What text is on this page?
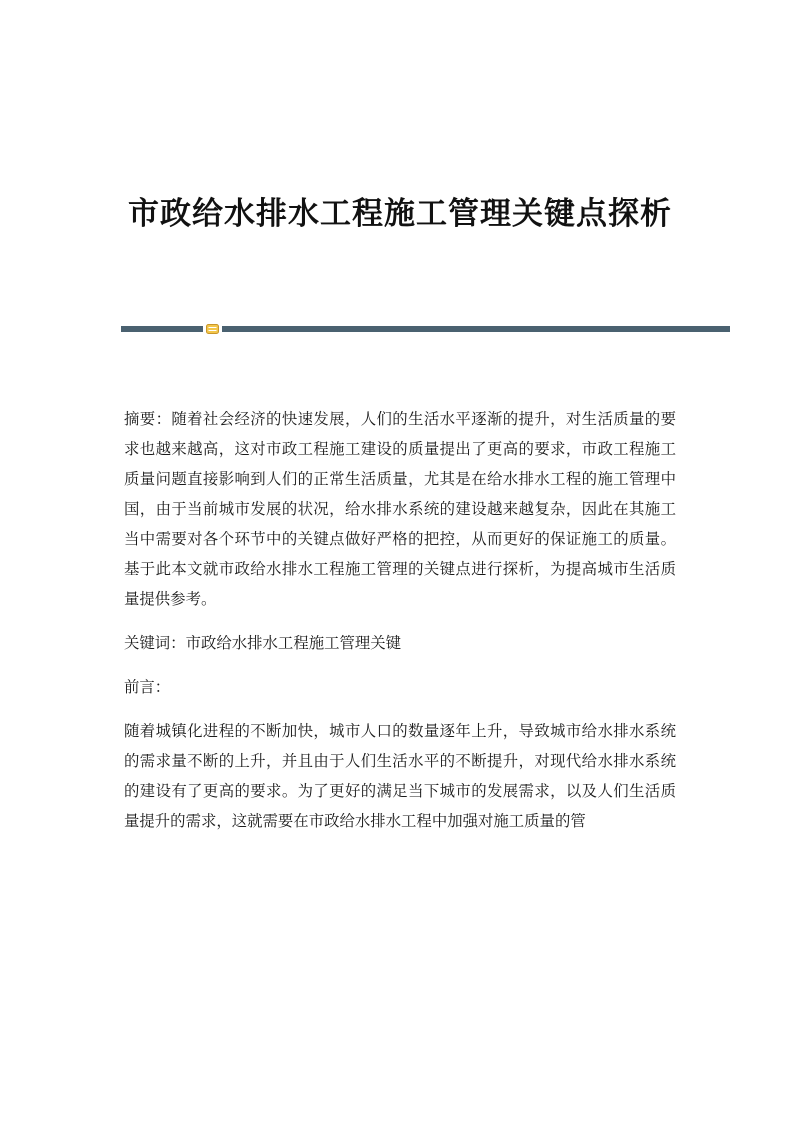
市政给水排水工程施工管理关键点探析

摘要：随着社会经济的快速发展，人们的生活水平逐渐的提升，对生活质量的要求也越来越高，这对市政工程施工建设的质量提出了更高的要求，市政工程施工质量问题直接影响到人们的正常生活质量，尤其是在给水排水工程的施工管理中国，由于当前城市发展的状况，给水排水系统的建设越来越复杂，因此在其施工当中需要对各个环节中的关键点做好严格的把控，从而更好的保证施工的质量。基于此本文就市政给水排水工程施工管理的关键点进行探析，为提高城市生活质量提供参考。

关键词：市政给水排水工程施工管理关键

前言：

随着城镇化进程的不断加快，城市人口的数量逐年上升，导致城市给水排水系统的需求量不断的上升，并且由于人们生活水平的不断提升，对现代给水排水系统的建设有了更高的要求。为了更好的满足当下城市的发展需求，以及人们生活质量提升的需求，这就需要在市政给水排水工程中加强对施工质量的管
